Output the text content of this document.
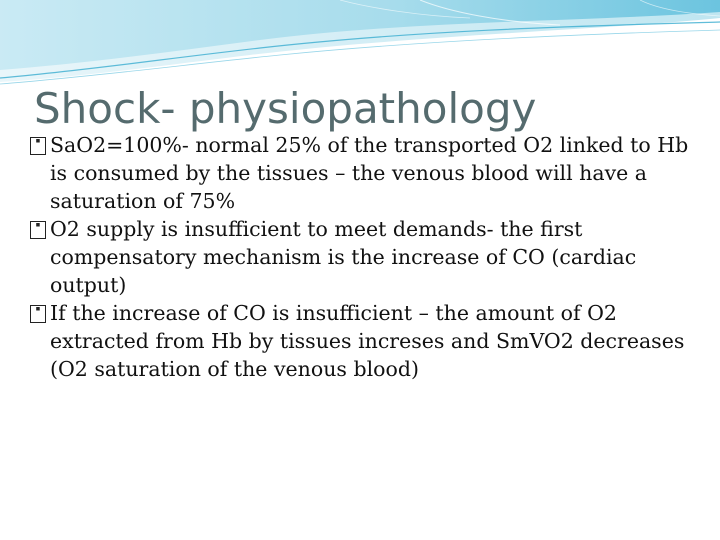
Shock- physiopathology
▪ SaO2=100%- normal 25% of the transported O2 linked to Hb is consumed by the tissues – the venous blood will have a saturation of 75%
▪ O2 supply is insufficient to meet demands- the first compensatory mechanism is the increase of CO (cardiac output)
▪ If the increase of CO is insufficient – the amount of O2 extracted from Hb by tissues increses and SmVO2 decreases
(O2 saturation of the venous blood)
